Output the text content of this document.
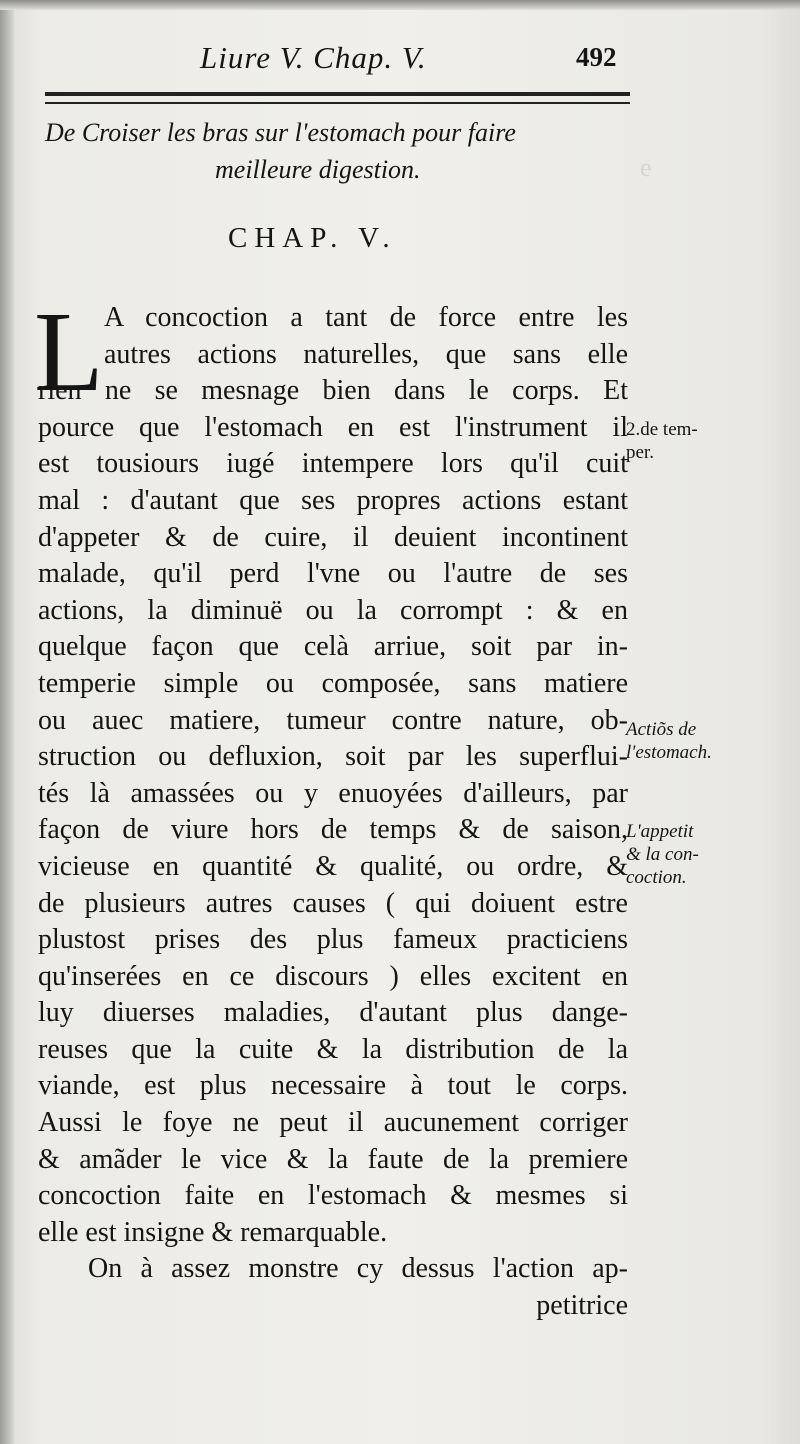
e
Liure V. Chap. V.	492
De Croiser les bras sur l'estomach pour faire
meilleure digestion.
CHAP. V.
L A concoction a tant de force entre les
autres actions naturelles, que sans elle
rien ne se mesnage bien dans le corps. Et
pource que l'estomach en est l'instrument il
est tousiours iugé intempere lors qu'il cuit
mal : d'autant que ses propres actions estant
d'appeter & de cuire, il deuient incontinent
malade, qu'il perd l'vne ou l'autre de ses
actions, la diminuë ou la corrompt : & en
quelque façon que celà arriue, soit par in-
temperie simple ou composée, sans matiere
ou auec matiere, tumeur contre nature, ob-
struction ou defluxion, soit par les superflui-
tés là amassées ou y enuoyées d'ailleurs, par
façon de viure hors de temps & de saison,
vicieuse en quantité & qualité, ou ordre, &
de plusieurs autres causes ( qui doiuent estre
plustost prises des plus fameux practiciens
qu'inserées en ce discours ) elles excitent en
luy diuerses maladies, d'autant plus dange-
reuses que la cuite & la distribution de la
viande, est plus necessaire à tout le corps.
Aussi le foye ne peut il aucunement corriger
& amãder le vice & la faute de la premiere
concoction faite en l'estomach & mesmes si
elle est insigne & remarquable.
On à assez monstre cy dessus l'action ap-
petitrice
2.de tem-
per.
Actiõs de
l'estomach.
L'appetit
& la con-
coction.
